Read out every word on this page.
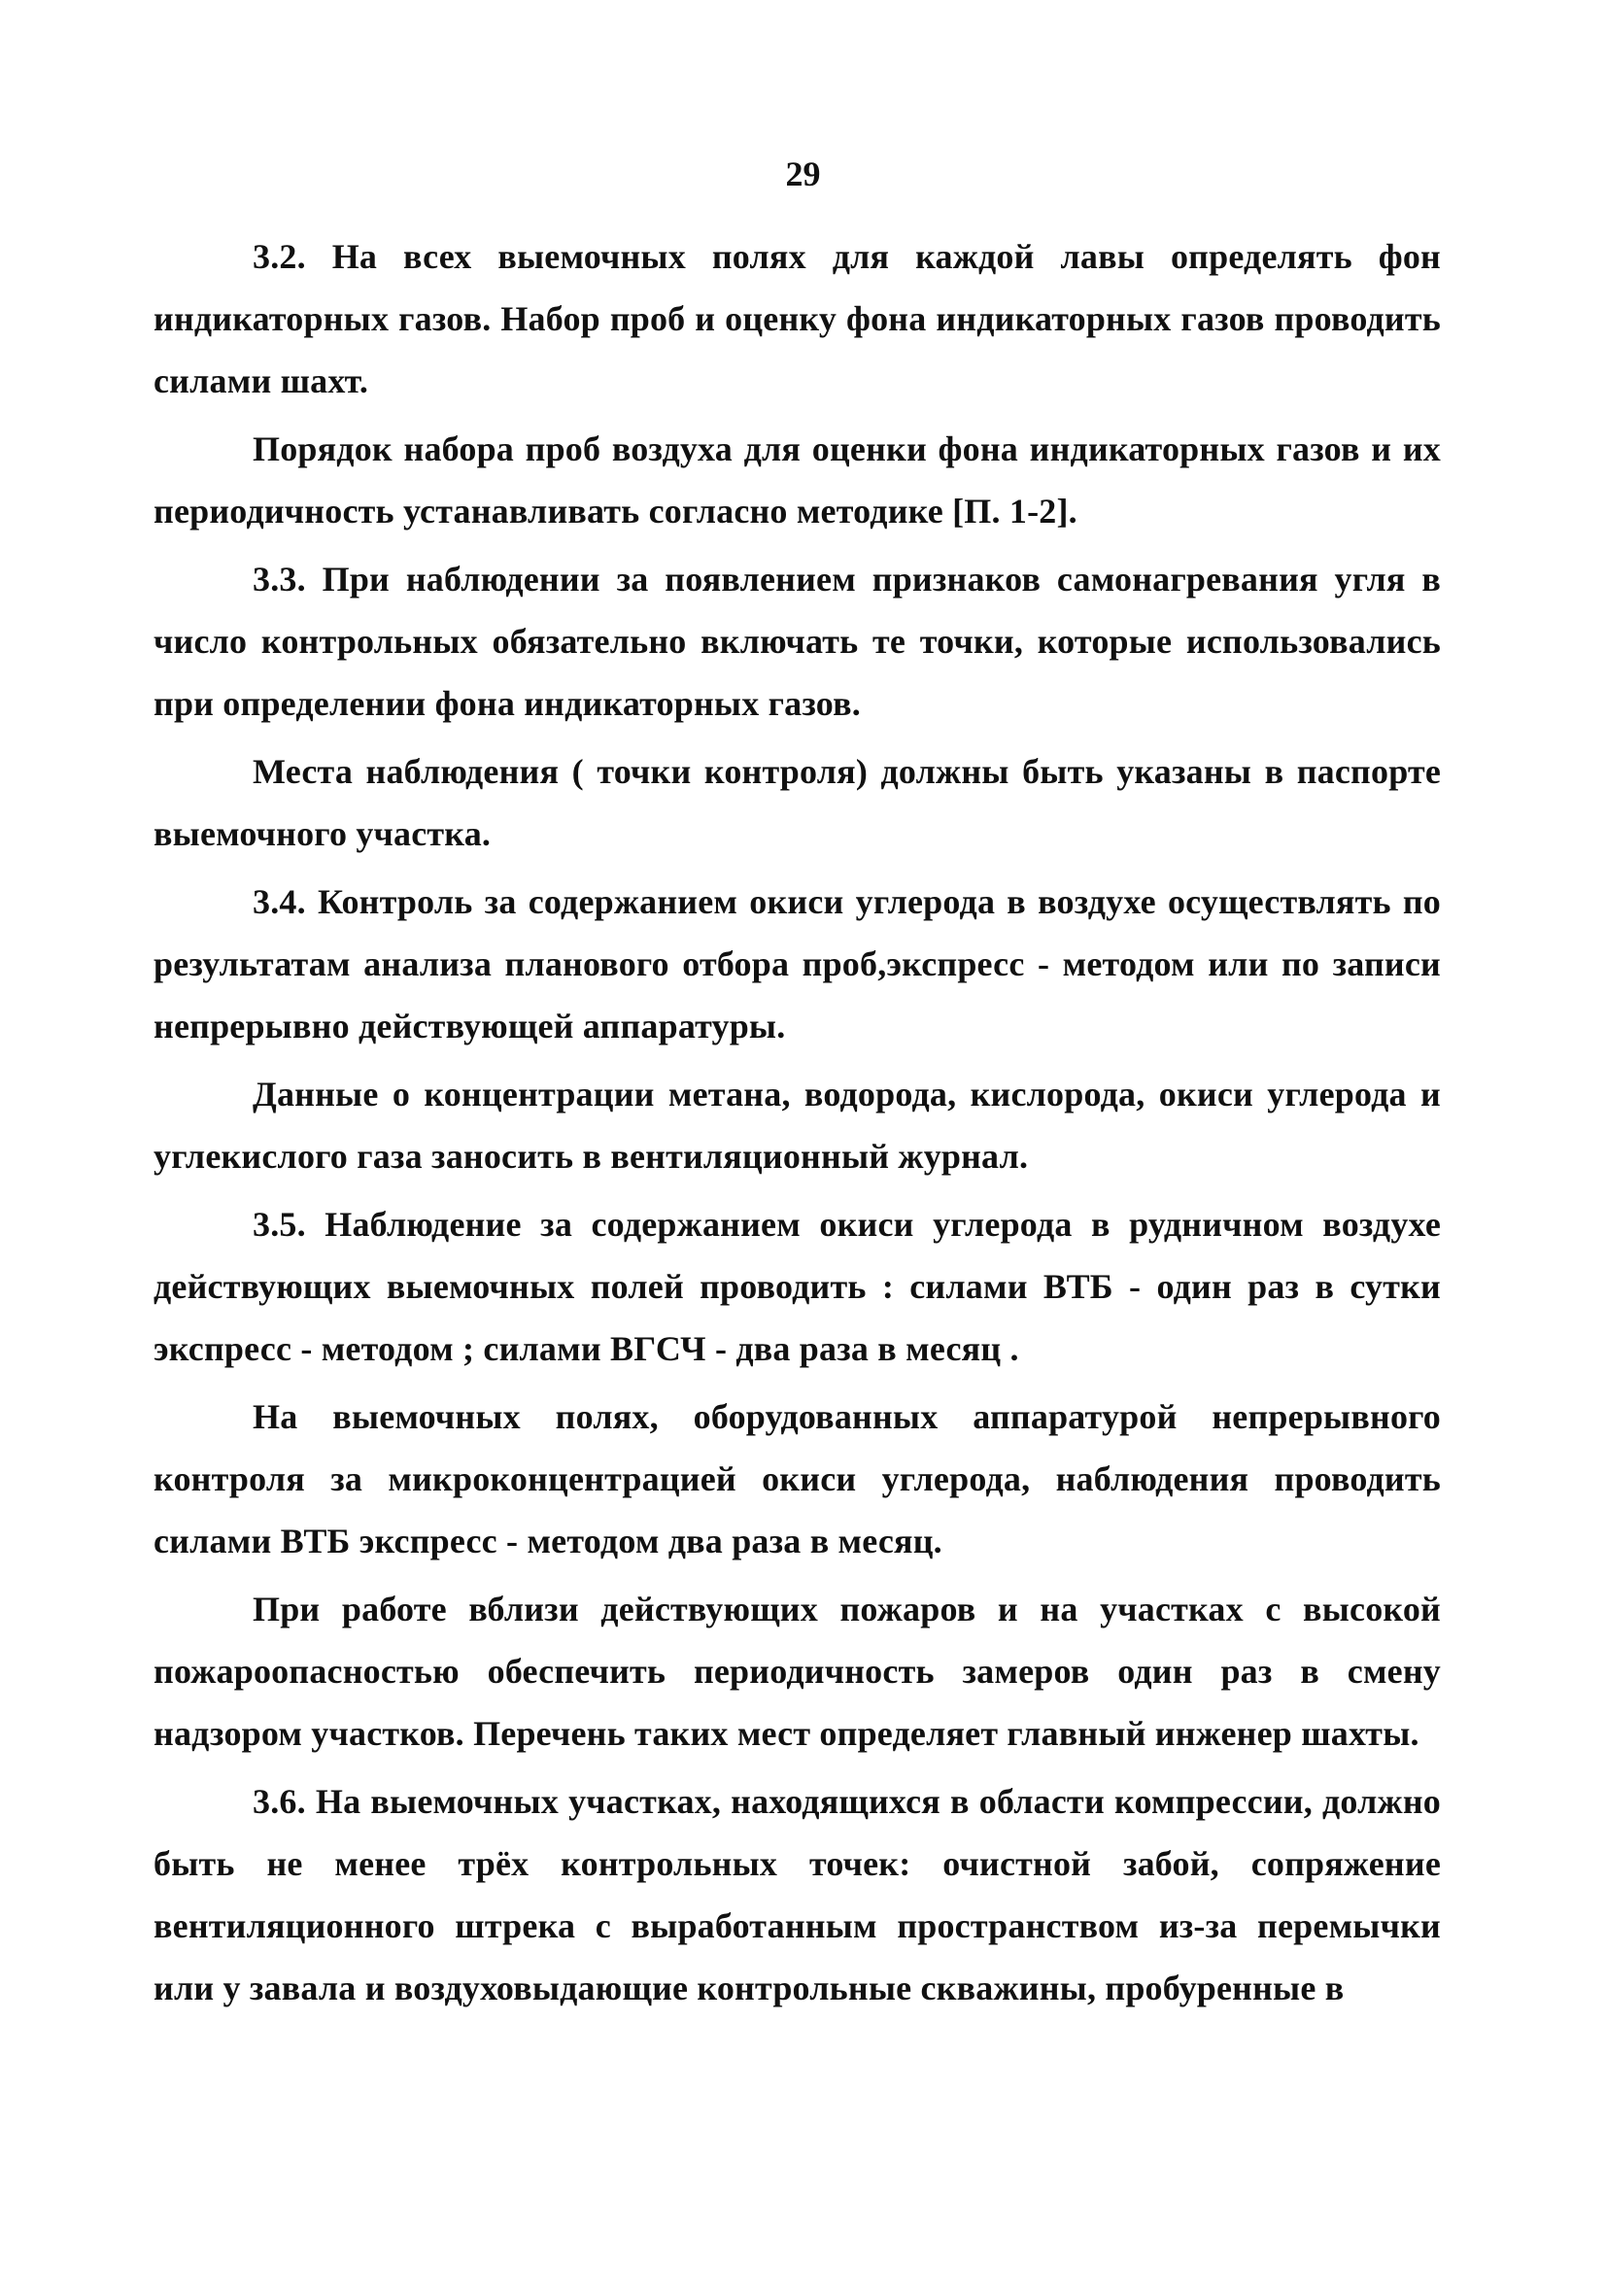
29

3.2. На всех выемочных полях для каждой лавы определять фон индикаторных газов. Набор проб и оценку фона индикаторных газов проводить силами шахт.

Порядок набора проб воздуха для оценки фона индикаторных газов и их периодичность устанавливать согласно методике [П. 1-2].

3.3. При наблюдении за появлением признаков самонагревания угля в число контрольных обязательно включать те точки, которые использовались при определении фона индикаторных газов.

Места наблюдения ( точки контроля) должны быть указаны в паспорте выемочного участка.

3.4. Контроль за содержанием окиси углерода в воздухе осуществлять по результатам анализа планового отбора проб,экспресс - методом или по записи непрерывно действующей аппаратуры.

Данные о концентрации метана, водорода, кислорода, окиси углерода и углекислого газа заносить в вентиляционный журнал.

3.5. Наблюдение за содержанием окиси углерода в рудничном воздухе действующих выемочных полей проводить : силами ВТБ - один раз в сутки экспресс - методом ; силами ВГСЧ - два раза в месяц .

На выемочных полях, оборудованных аппаратурой непрерывного контроля за микроконцентрацией окиси углерода, наблюдения проводить силами ВТБ экспресс - методом два раза в месяц.

При работе вблизи действующих пожаров и на участках с высокой пожароопасностью обеспечить периодичность замеров один раз в смену надзором участков. Перечень таких мест определяет главный инженер шахты.

3.6. На выемочных участках, находящихся в области компрессии, должно быть не менее трёх контрольных точек: очистной забой, сопряжение вентиляционного штрека с выработанным пространством из-за перемычки или у завала и воздуховыдающие контрольные скважины, пробуренные в
